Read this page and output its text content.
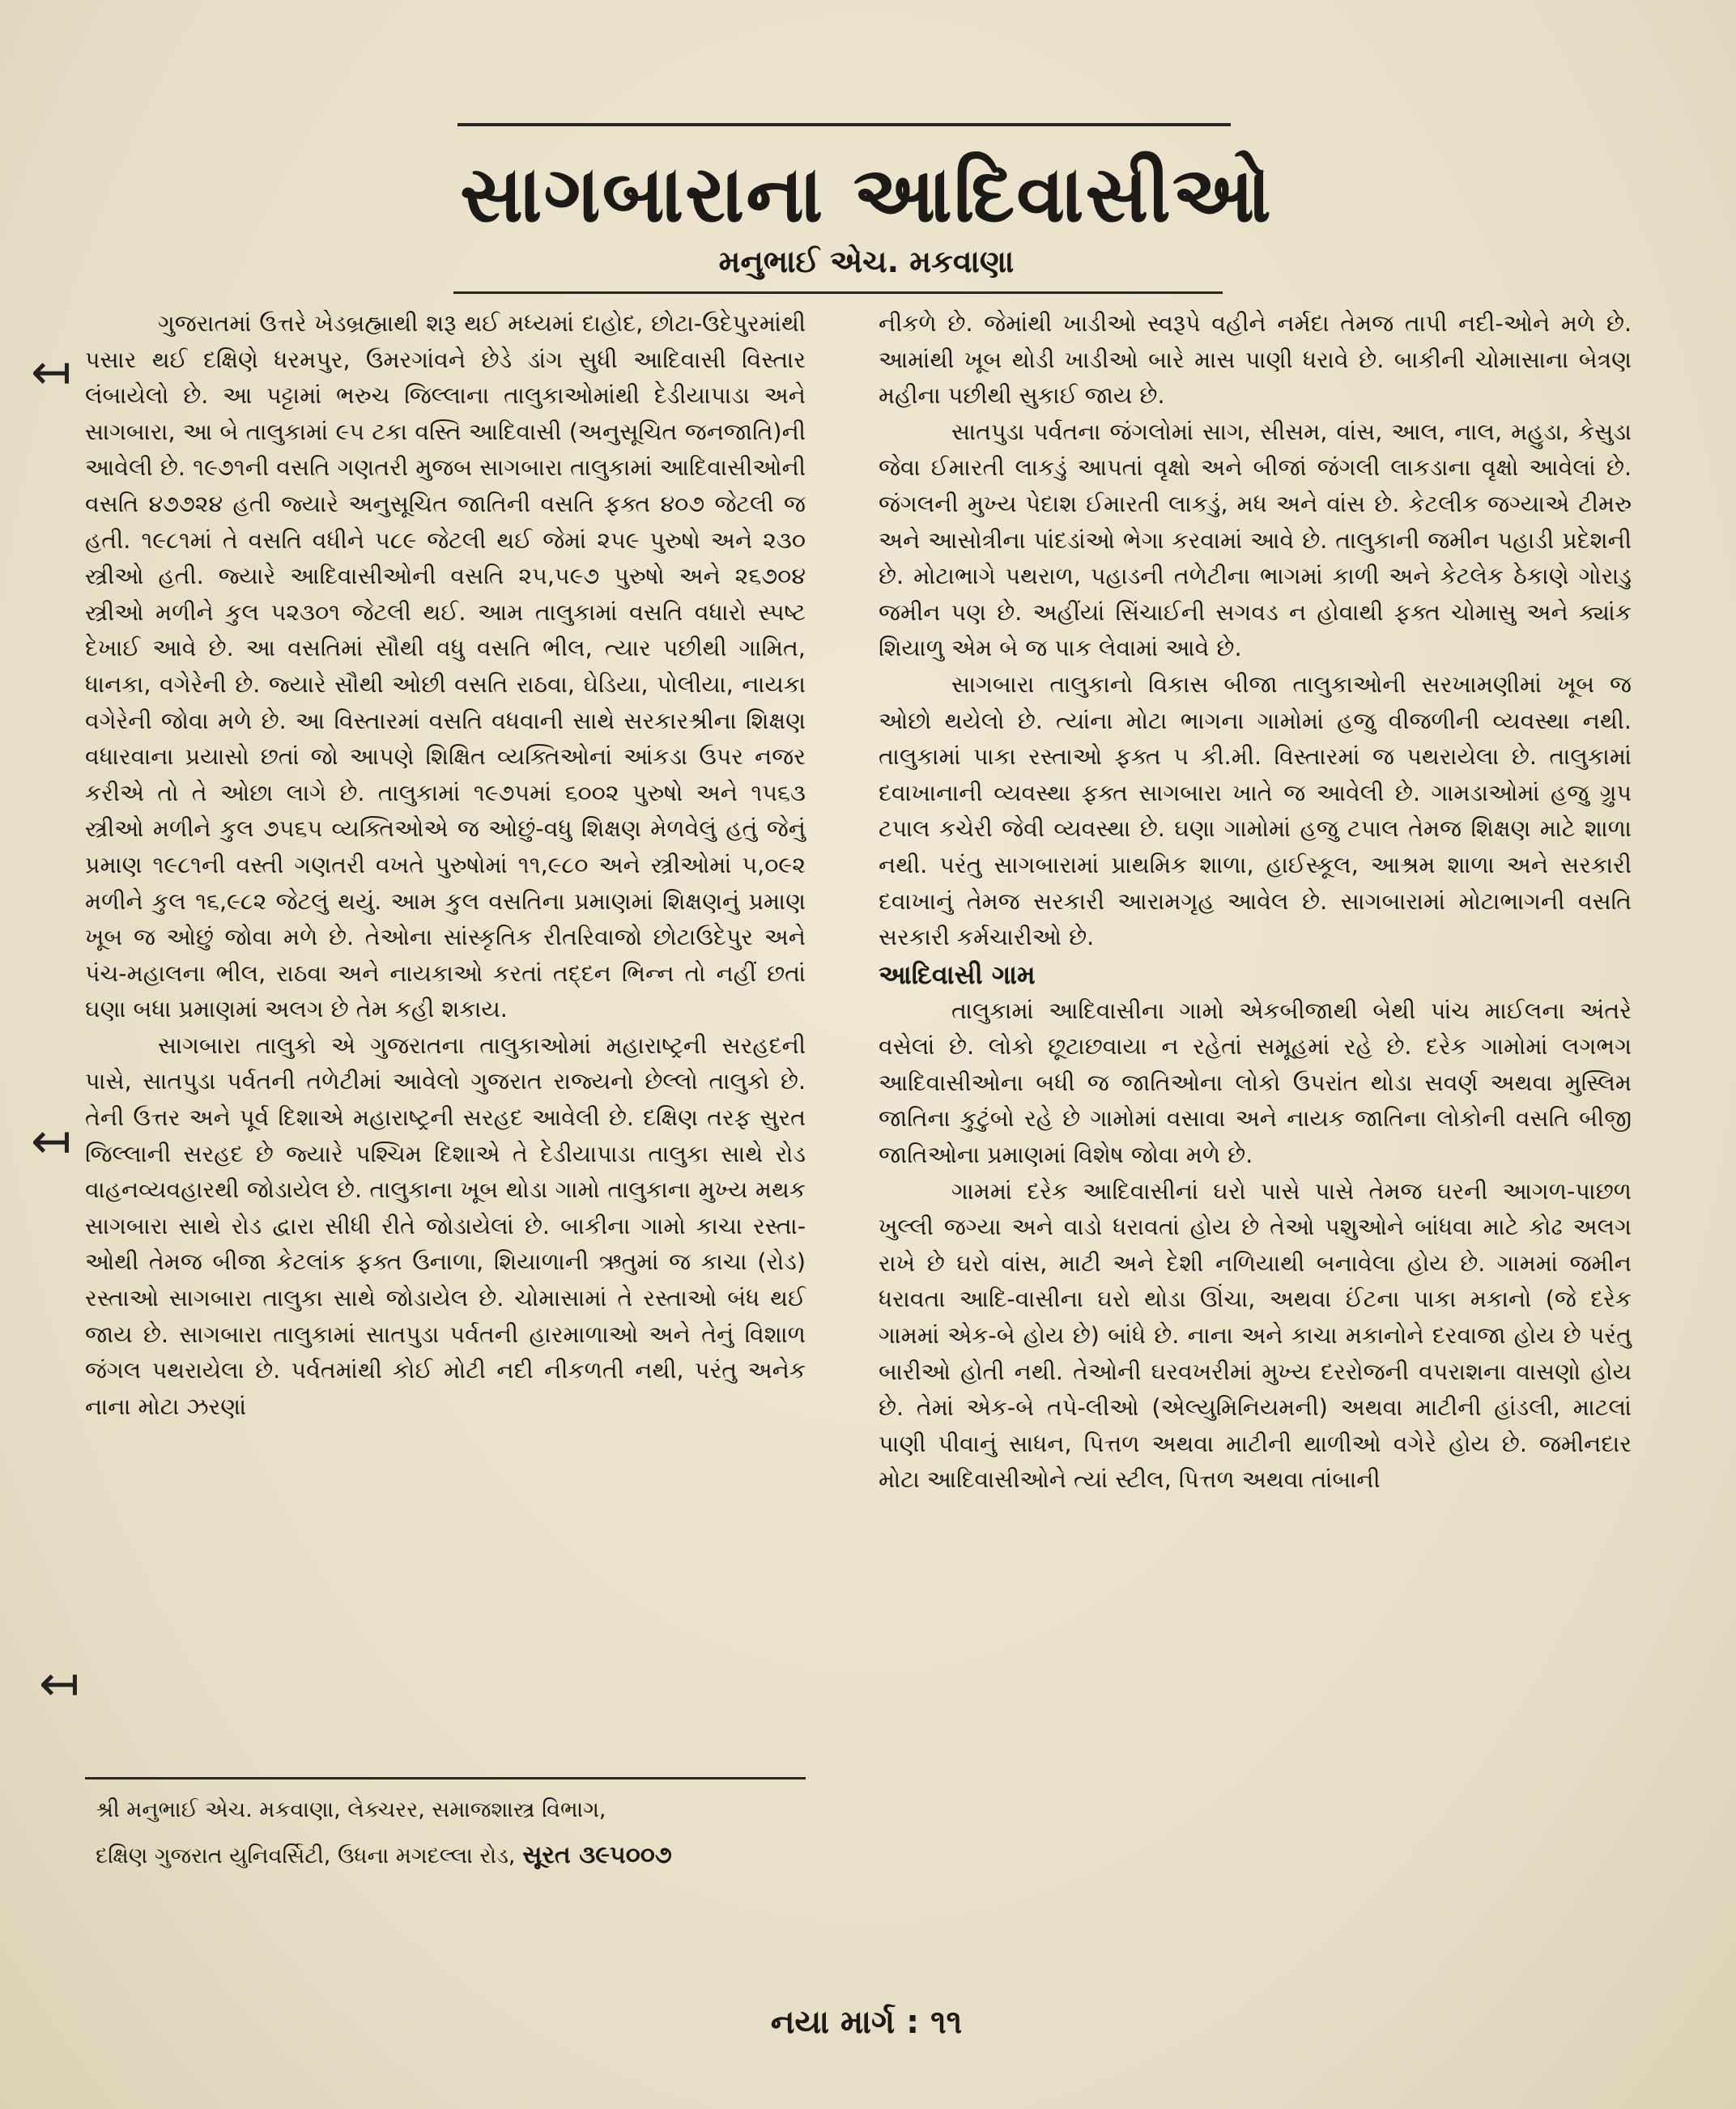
સાગબારાના આદિવાસીઓ
મનુભાઈ એચ. મકવાણા

ગુજરાતમાં ઉત્તરે ખેડબ્રહ્માથી શરૂ થઈ મધ્યમાં દાહોદ, છોટા-ઉદેપુરમાંથી પસાર થઈ દક્ષિણે ધરમપુર, ઉમરગાંવને છેડે ડાંગ સુધી આદિવાસી વિસ્તાર લંબાયેલો છે. આ પટ્ટામાં ભરુચ જિલ્લાના તાલુકાઓમાંથી દેડીયાપાડા અને સાગબારા, આ બે તાલુકામાં ૯૫ ટકા વસ્તિ આદિવાસી (અનુસૂચિત જનજાતિ)ની આવેલી છે. ૧૯૭૧ની વસતિ ગણતરી મુજબ સાગબારા તાલુકામાં આદિવાસીઓની વસતિ ૪૭૭૨૪ હતી જ્યારે અનુસૂચિત જાતિની વસતિ ફક્ત ૪૦૭ જેટલી જ હતી. ૧૯૮૧માં તે વસતિ વધીને ૫૮૯ જેટલી થઈ જેમાં ૨૫૯ પુરુષો અને ૨૩૦ સ્ત્રીઓ હતી. જ્યારે આદિવાસીઓની વસતિ ૨૫,૫૯૭ પુરુષો અને ૨૬૭૦૪ સ્ત્રીઓ મળીને કુલ ૫૨૩૦૧ જેટલી થઈ. આમ તાલુકામાં વસતિ વધારો સ્પષ્ટ દેખાઈ આવે છે. આ વસતિમાં સૌથી વધુ વસતિ ભીલ, ત્યાર પછીથી ગામિત, ધાનકા, વગેરેની છે. જ્યારે સૌથી ઓછી વસતિ રાઠવા, ઘેડિયા, પોલીયા, નાયકા વગેરેની જોવા મળે છે. આ વિસ્તારમાં વસતિ વધવાની સાથે સરકારશ્રીના શિક્ષણ વધારવાના પ્રયાસો છતાં જો આપણે શિક્ષિત વ્યક્તિઓનાં આંકડા ઉપર નજર કરીએ તો તે ઓછા લાગે છે. તાલુકામાં ૧૯૭૫માં ૬૦૦૨ પુરુષો અને ૧૫૬૩ સ્ત્રીઓ મળીને કુલ ૭૫૬૫ વ્યક્તિઓએ જ ઓછું-વધુ શિક્ષણ મેળવેલું હતું જેનું પ્રમાણ ૧૯૮૧ની વસ્તી ગણતરી વખતે પુરુષોમાં ૧૧,૯૮૦ અને સ્ત્રીઓમાં ૫,૦૯૨ મળીને કુલ ૧૬,૯૮૨ જેટલું થયું. આમ કુલ વસતિના પ્રમાણમાં શિક્ષણનું પ્રમાણ ખૂબ જ ઓછું જોવા મળે છે. તેઓના સાંસ્કૃતિક રીતરિવાજો છોટાઉદેપુર અને પંચ-મહાલના ભીલ, રાઠવા અને નાયકાઓ કરતાં તદ્દન ભિન્ન તો નહીં છતાં ઘણા બધા પ્રમાણમાં અલગ છે તેમ કહી શકાય.

સાગબારા તાલુકો એ ગુજરાતના તાલુકાઓમાં મહારાષ્ટ્રની સરહદની પાસે, સાતપુડા પર્વતની તળેટીમાં આવેલો ગુજરાત રાજ્યનો છેલ્લો તાલુકો છે. તેની ઉત્તર અને પૂર્વ દિશાએ મહારાષ્ટ્રની સરહદ આવેલી છે. દક્ષિણ તરફ સુરત જિલ્લાની સરહદ છે જ્યારે પશ્ચિમ દિશાએ તે દેડીયાપાડા તાલુકા સાથે રોડ વાહનવ્યવહારથી જોડાયેલ છે. તાલુકાના ખૂબ થોડા ગામો તાલુકાના મુખ્ય મથક સાગબારા સાથે રોડ દ્વારા સીધી રીતે જોડાયેલાં છે. બાકીના ગામો કાચા રસ્તા-ઓથી તેમજ બીજા કેટલાંક ફક્ત ઉનાળા, શિયાળાની ઋતુમાં જ કાચા (રોડ) રસ્તાઓ સાગબારા તાલુકા સાથે જોડાયેલ છે. ચોમાસામાં તે રસ્તાઓ બંધ થઈ જાય છે. સાગબારા તાલુકામાં સાતપુડા પર્વતની હારમાળાઓ અને તેનું વિશાળ જંગલ પથરાયેલા છે. પર્વતમાંથી કોઈ મોટી નદી નીકળતી નથી, પરંતુ અનેક નાના મોટા ઝરણાં

નીકળે છે. જેમાંથી ખાડીઓ સ્વરૂપે વહીને નર્મદા તેમજ તાપી નદી-ઓને મળે છે. આમાંથી ખૂબ થોડી ખાડીઓ બારે માસ પાણી ધરાવે છે. બાકીની ચોમાસાના બેત્રણ મહીના પછીથી સુકાઈ જાય છે.

સાતપુડા પર્વતના જંગલોમાં સાગ, સીસમ, વાંસ, આલ, નાલ, મહુડા, કેસુડા જેવા ઈમારતી લાકડું આપતાં વૃક્ષો અને બીજાં જંગલી લાકડાના વૃક્ષો આવેલાં છે. જંગલની મુખ્ય પેદાશ ઈમારતી લાકડું, મધ અને વાંસ છે. કેટલીક જગ્યાએ ટીમરુ અને આસોત્રીના પાંદડાંઓ ભેગા કરવામાં આવે છે. તાલુકાની જમીન પહાડી પ્રદેશની છે. મોટાભાગે પથરાળ, પહાડની તળેટીના ભાગમાં કાળી અને કેટલેક ઠેકાણે ગોરાડુ જમીન પણ છે. અહીંયાં સિંચાઈની સગવડ ન હોવાથી ફક્ત ચોમાસુ અને ક્યાંક શિયાળુ એમ બે જ પાક લેવામાં આવે છે.

સાગબારા તાલુકાનો વિકાસ બીજા તાલુકાઓની સરખામણીમાં ખૂબ જ ઓછો થયેલો છે. ત્યાંના મોટા ભાગના ગામોમાં હજુ વીજળીની વ્યવસ્થા નથી. તાલુકામાં પાકા રસ્તાઓ ફક્ત ૫ કી.મી. વિસ્તારમાં જ પથરાયેલા છે. તાલુકામાં દવાખાનાની વ્યવસ્થા ફક્ત સાગબારા ખાતે જ આવેલી છે. ગામડાઓમાં હજુ ગ્રુપ ટપાલ કચેરી જેવી વ્યવસ્થા છે. ઘણા ગામોમાં હજુ ટપાલ તેમજ શિક્ષણ માટે શાળા નથી. પરંતુ સાગબારામાં પ્રાથમિક શાળા, હાઈસ્કૂલ, આશ્રમ શાળા અને સરકારી દવાખાનું તેમજ સરકારી આરામગૃહ આવેલ છે. સાગબારામાં મોટાભાગની વસતિ સરકારી કર્મચારીઓ છે.

આદિવાસી ગામ

તાલુકામાં આદિવાસીના ગામો એકબીજાથી બેથી પાંચ માઈલના અંતરે વસેલાં છે. લોકો છૂટાછવાયા ન રહેતાં સમૂહમાં રહે છે. દરેક ગામોમાં લગભગ આદિવાસીઓના બધી જ જાતિઓના લોકો ઉપરાંત થોડા સવર્ણ અથવા મુસ્લિમ જાતિના કુટુંબો રહે છે ગામોમાં વસાવા અને નાયક જાતિના લોકોની વસતિ બીજી જાતિઓના પ્રમાણમાં વિશેષ જોવા મળે છે.

ગામમાં દરેક આદિવાસીનાં ઘરો પાસે પાસે તેમજ ઘરની આગળ-પાછળ ખુલ્લી જગ્યા અને વાડો ધરાવતાં હોય છે તેઓ પશુઓને બાંધવા માટે કોઢ અલગ રાખે છે ઘરો વાંસ, માટી અને દેશી નળિયાથી બનાવેલા હોય છે. ગામમાં જમીન ધરાવતા આદિ-વાસીના ઘરો થોડા ઊંચા, અથવા ઈંટના પાકા મકાનો (જે દરેક ગામમાં એક-બે હોય છે) બાંધે છે. નાના અને કાચા મકાનોને દરવાજા હોય છે પરંતુ બારીઓ હોતી નથી. તેઓની ઘરવખરીમાં મુખ્ય દરરોજની વપરાશના વાસણો હોય છે. તેમાં એક-બે તપે-લીઓ (એલ્યુમિનિયમની) અથવા માટીની હાંડલી, માટલાં પાણી પીવાનું સાધન, પિત્તળ અથવા માટીની થાળીઓ વગેરે હોય છે. જમીનદાર મોટા આદિવાસીઓને ત્યાં સ્ટીલ, પિત્તળ અથવા તાંબાની

શ્રી મનુભાઈ એચ. મકવાણા, લેક્ચરર, સમાજશાસ્ત્ર વિભાગ,
દક્ષિણ ગુજરાત યુનિવર્સિટી, ઉધના મગદલ્લા રોડ, સૂરત ૩૯૫૦૦૭
નયા માર્ગ : ૧૧
↤
↤
↤
